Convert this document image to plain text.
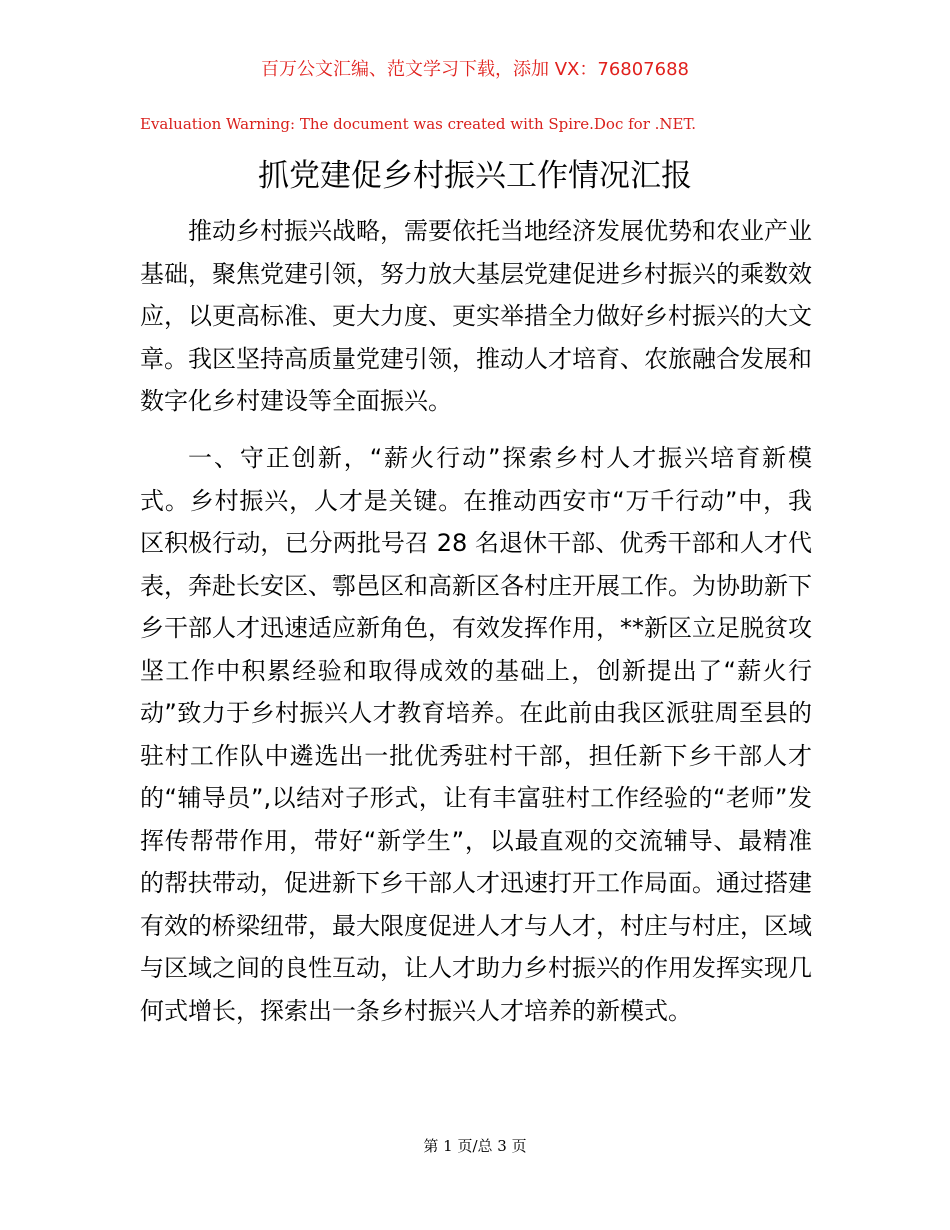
百万公文汇编、范文学习下载，添加 VX：76807688
Evaluation Warning: The document was created with Spire.Doc for .NET.
抓党建促乡村振兴工作情况汇报

推动乡村振兴战略，需要依托当地经济发展优势和农业产业基础，聚焦党建引领，努力放大基层党建促进乡村振兴的乘数效应，以更高标准、更大力度、更实举措全力做好乡村振兴的大文章。我区坚持高质量党建引领，推动人才培育、农旅融合发展和数字化乡村建设等全面振兴。

一、守正创新，“薪火行动”探索乡村人才振兴培育新模式。乡村振兴，人才是关键。在推动西安市“万千行动”中，我区积极行动，已分两批号召 28 名退休干部、优秀干部和人才代表，奔赴长安区、鄠邑区和高新区各村庄开展工作。为协助新下乡干部人才迅速适应新角色，有效发挥作用，**新区立足脱贫攻坚工作中积累经验和取得成效的基础上，创新提出了“薪火行动”致力于乡村振兴人才教育培养。在此前由我区派驻周至县的驻村工作队中遴选出一批优秀驻村干部，担任新下乡干部人才的“辅导员”,以结对子形式，让有丰富驻村工作经验的“老师”发挥传帮带作用，带好“新学生”，以最直观的交流辅导、最精准的帮扶带动，促进新下乡干部人才迅速打开工作局面。通过搭建有效的桥梁纽带，最大限度促进人才与人才，村庄与村庄，区域与区域之间的良性互动，让人才助力乡村振兴的作用发挥实现几何式增长，探索出一条乡村振兴人才培养的新模式。

第 1 页/总 3 页
